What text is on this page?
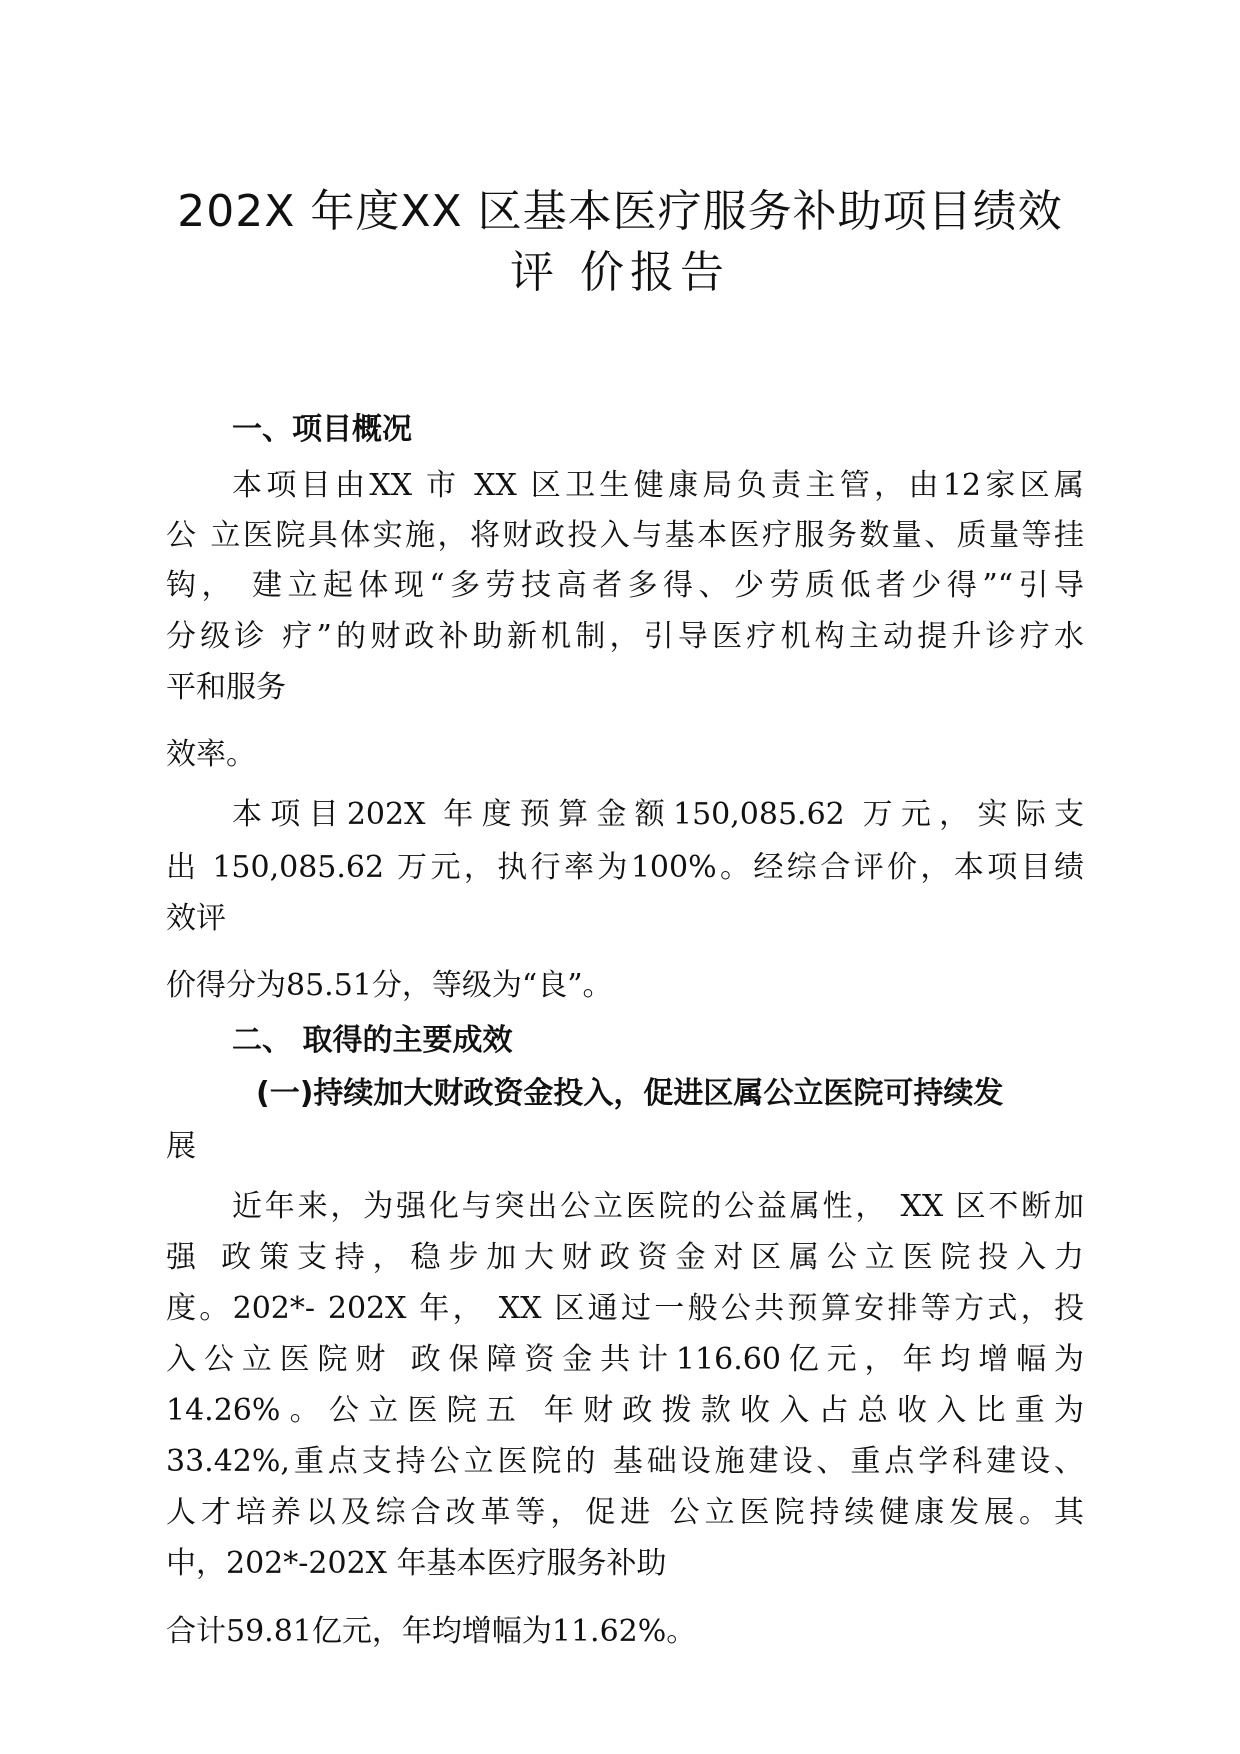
202X 年度XX 区基本医疗服务补助项目绩效
评 价报告
一、项目概况
本项目由XX 市 XX 区卫生健康局负责主管，由12家区属
公 立医院具体实施，将财政投入与基本医疗服务数量、质量等挂
钩， 建立起体现“多劳技高者多得、少劳质低者少得”“引导
分级诊 疗”的财政补助新机制，引导医疗机构主动提升诊疗水
平和服务
效率。
本项目202X 年度预算金额150,085.62 万元，实际支
出 150,085.62 万元，执行率为100%。经综合评价，本项目绩
效评
价得分为85.51分，等级为“良”。
二、 取得的主要成效
(一)持续加大财政资金投入，促进区属公立医院可持续发
展
近年来，为强化与突出公立医院的公益属性， XX 区不断加
强 政策支持，稳步加大财政资金对区属公立医院投入力
度。202*- 202X 年， XX 区通过一般公共预算安排等方式，投
入公立医院财 政保障资金共计116.60亿元，年均增幅为
14.26%。公立医院五 年财政拨款收入占总收入比重为
33.42%,重点支持公立医院的 基础设施建设、重点学科建设、
人才培养以及综合改革等，促进 公立医院持续健康发展。其
中，202*-202X 年基本医疗服务补助
合计59.81亿元，年均增幅为11.62%。
